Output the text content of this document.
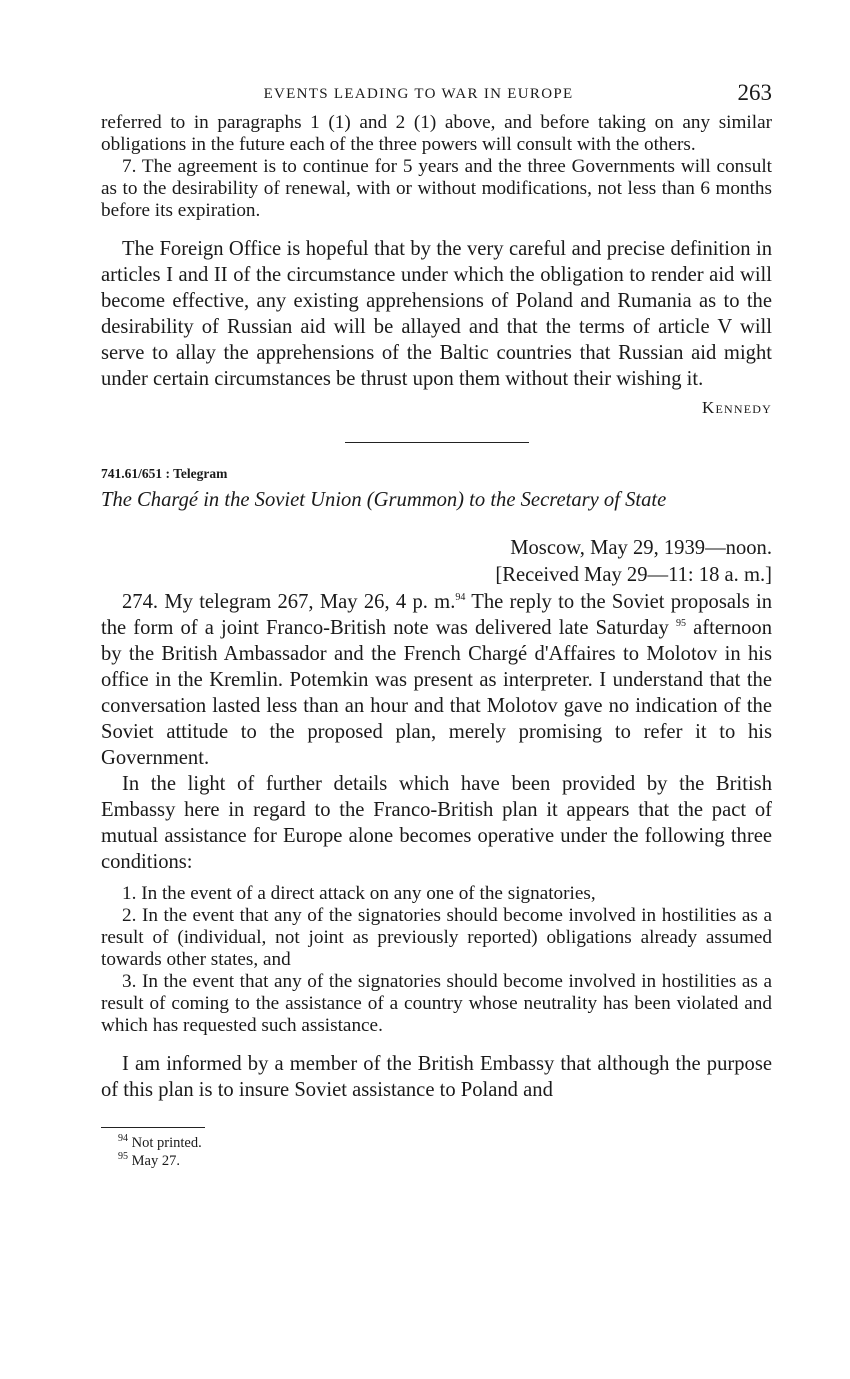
EVENTS LEADING TO WAR IN EUROPE	263

referred to in paragraphs 1 (1) and 2 (1) above, and before taking on any similar obligations in the future each of the three powers will consult with the others.

7. The agreement is to continue for 5 years and the three Governments will consult as to the desirability of renewal, with or without modifications, not less than 6 months before its expiration.

The Foreign Office is hopeful that by the very careful and precise definition in articles I and II of the circumstance under which the obligation to render aid will become effective, any existing apprehensions of Poland and Rumania as to the desirability of Russian aid will be allayed and that the terms of article V will serve to allay the apprehensions of the Baltic countries that Russian aid might under certain circumstances be thrust upon them without their wishing it.

Kennedy
741.61/651 : Telegram
The Chargé in the Soviet Union (Grummon) to the Secretary of State
Moscow, May 29, 1939—noon.
[Received May 29—11: 18 a. m.]

274. My telegram 267, May 26, 4 p. m.$^{94}$ The reply to the Soviet proposals in the form of a joint Franco-British note was delivered late Saturday $^{95}$ afternoon by the British Ambassador and the French Chargé d'Affaires to Molotov in his office in the Kremlin. Potemkin was present as interpreter. I understand that the conversation lasted less than an hour and that Molotov gave no indication of the Soviet attitude to the proposed plan, merely promising to refer it to his Government.

In the light of further details which have been provided by the British Embassy here in regard to the Franco-British plan it appears that the pact of mutual assistance for Europe alone becomes operative under the following three conditions:

1. In the event of a direct attack on any one of the signatories,

2. In the event that any of the signatories should become involved in hostilities as a result of (individual, not joint as previously reported) obligations already assumed towards other states, and

3. In the event that any of the signatories should become involved in hostilities as a result of coming to the assistance of a country whose neutrality has been violated and which has requested such assistance.

I am informed by a member of the British Embassy that although the purpose of this plan is to insure Soviet assistance to Poland and

$^{94}$ Not printed.
$^{95}$ May 27.
